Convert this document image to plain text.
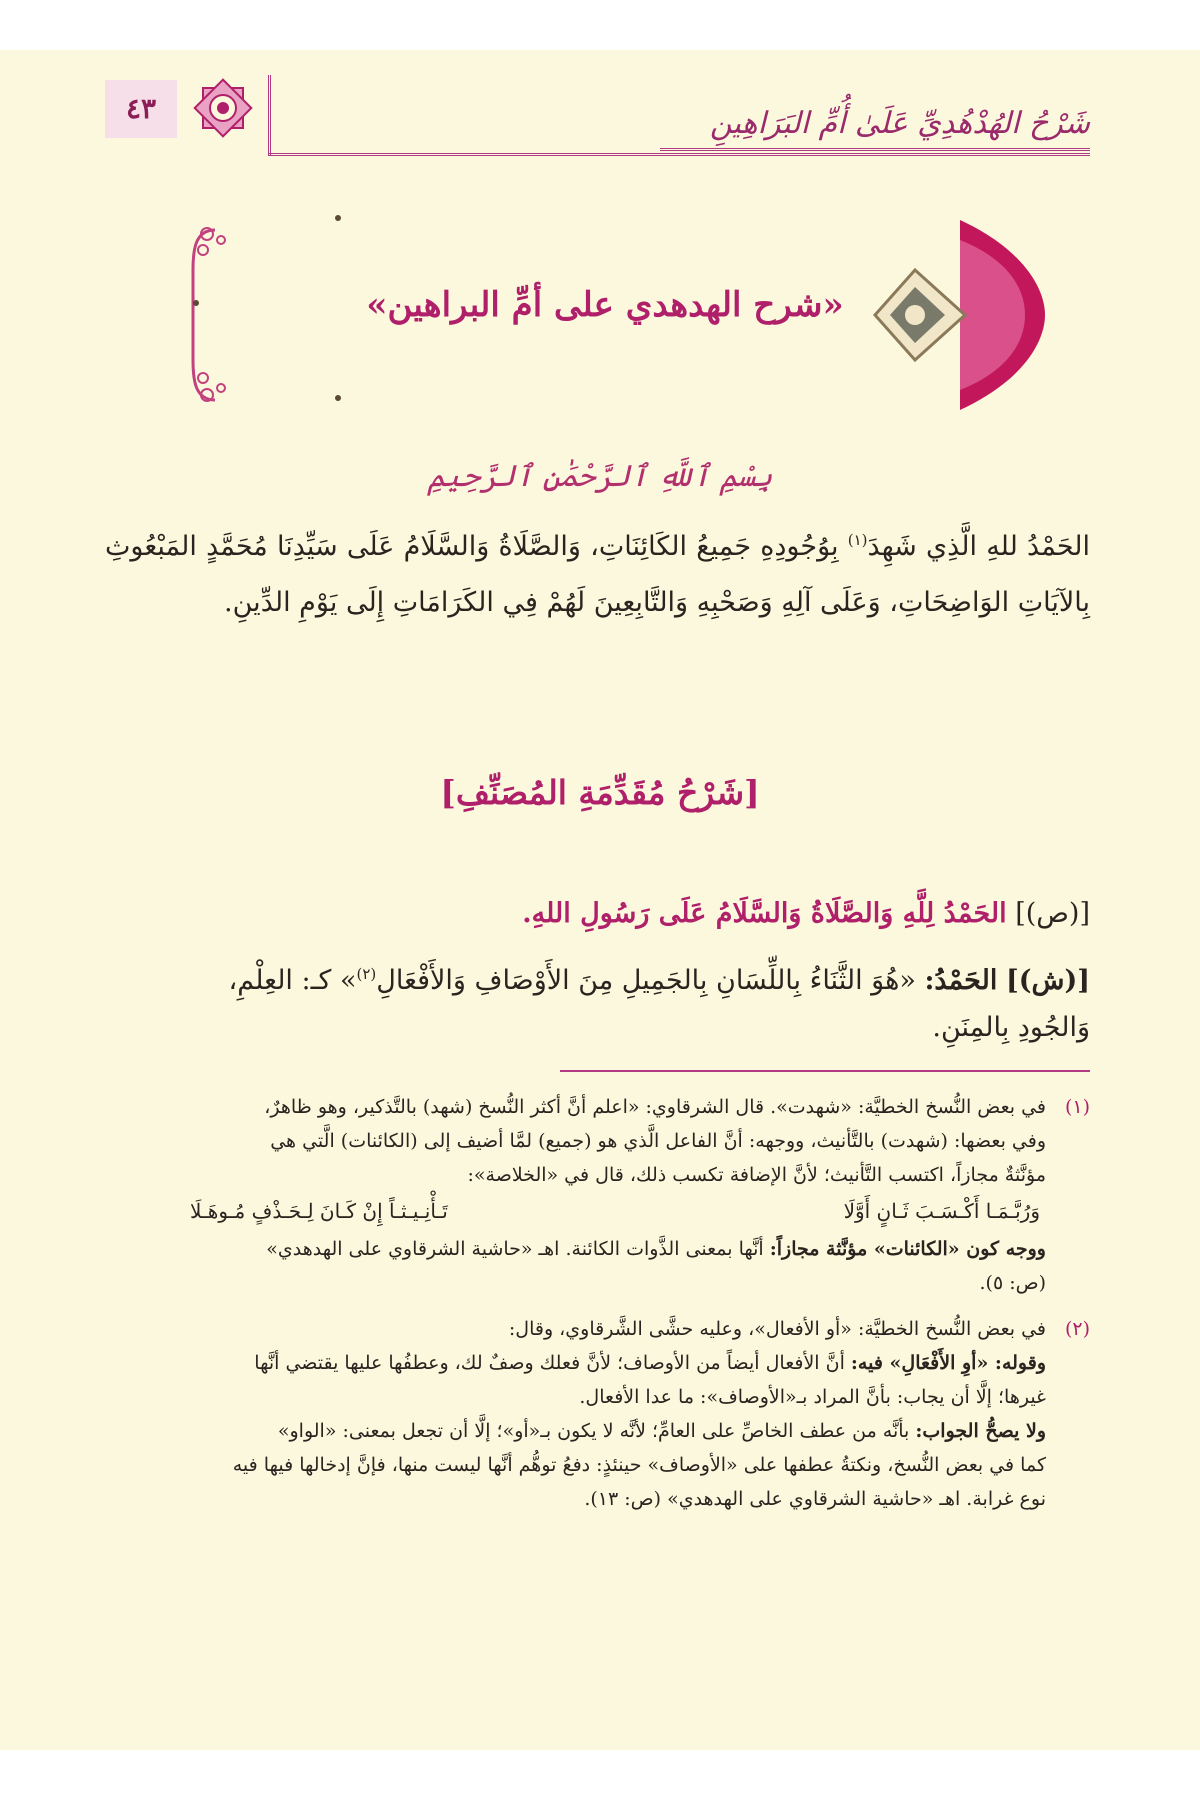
شَرْحُ الهُدْهُدِيِّ عَلَىٰ أُمِّ البَرَاهِينِ
٤٣
«شرح الهدهدي على أمِّ البراهين»
بِسْمِ ٱللَّهِ ٱلرَّحْمَٰنِ ٱلرَّحِيمِ
الحَمْدُ للهِ الَّذِي شَهِدَ$^{(١)}$ بِوُجُودِهِ جَمِيعُ الكَائِنَاتِ، وَالصَّلَاةُ وَالسَّلَامُ عَلَى سَيِّدِنَا مُحَمَّدٍ المَبْعُوثِ بِالآيَاتِ الوَاضِحَاتِ، وَعَلَى آلِهِ وَصَحْبِهِ وَالتَّابِعِينَ لَهُمْ فِي الكَرَامَاتِ إِلَى يَوْمِ الدِّينِ.
[شَرْحُ مُقَدِّمَةِ المُصَنِّفِ]
[(ص)] الحَمْدُ لِلَّهِ وَالصَّلَاةُ وَالسَّلَامُ عَلَى رَسُولِ اللهِ.
[(ش)] الحَمْدُ: «هُوَ الثَّنَاءُ بِاللِّسَانِ بِالجَمِيلِ مِنَ الأَوْصَافِ وَالأَفْعَالِ$^{(٢)}$» كـ: العِلْمِ،
وَالجُودِ بِالمِنَنِ.
(١)في بعض النُّسخ الخطيَّة: «شهدت». قال الشرقاوي: «اعلم أنَّ أكثر النُّسخ (شهد) بالتَّذكير، وهو ظاهرٌ،
وفي بعضها: (شهدت) بالتَّأنيث، ووجهه: أنَّ الفاعل الَّذي هو (جميع) لمَّا أضيف إلى (الكائنات) الَّتي هي
مؤنَّثةٌ مجازاً، اكتسب التَّأنيث؛ لأنَّ الإضافة تكسب ذلك، قال في «الخلاصة»:
وَرُبَّـمَـا أَكْـسَـبَ ثَـانٍ أَوَّلَا
تَـأْنِـيـثـاً إِنْ كَـانَ لِـحَـذْفٍ مُـوهَـلَا
ووجه كون «الكائنات» مؤنَّثة مجازاً: أنَّها بمعنى الذَّوات الكائنة. اهـ «حاشية الشرقاوي على الهدهدي»
(ص: ٥).
(٢)في بعض النُّسخ الخطيَّة: «أو الأفعال»، وعليه حشَّى الشَّرقاوي، وقال:
وقوله: «أوِ الأَفْعَالِ» فيه: أنَّ الأفعال أيضاً من الأوصاف؛ لأنَّ فعلك وصفٌ لك، وعطفُها عليها يقتضي أنَّها
غيرها؛ إلَّا أن يجاب: بأنَّ المراد بـ«الأوصاف»: ما عدا الأفعال.
ولا يصحُّ الجواب: بأنَّه من عطف الخاصِّ على العامِّ؛ لأنَّه لا يكون بـ«أو»؛ إلَّا أن تجعل بمعنى: «الواو»
كما في بعض النُّسخ، ونكتةُ عطفها على «الأوصاف» حينئذٍ: دفعُ توهُّم أنَّها ليست منها، فإنَّ إدخالها فيها فيه
نوع غرابة. اهـ «حاشية الشرقاوي على الهدهدي» (ص: ١٣).
